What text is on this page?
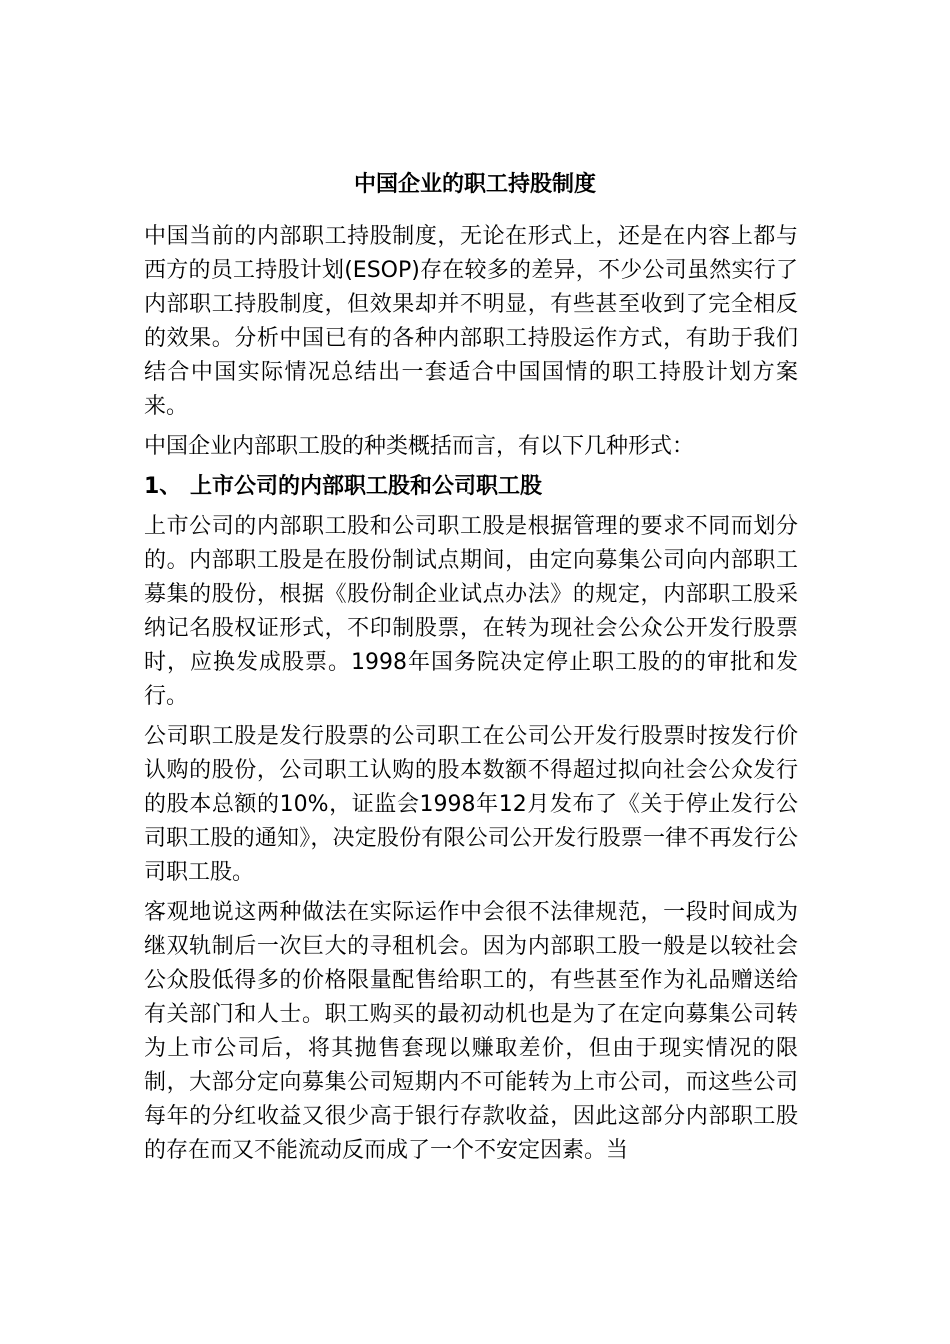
中国企业的职工持股制度

中国当前的内部职工持股制度，无论在形式上，还是在内容上都与西方的员工持股计划(ESOP)存在较多的差异，不少公司虽然实行了内部职工持股制度，但效果却并不明显，有些甚至收到了完全相反的效果。分析中国已有的各种内部职工持股运作方式，有助于我们结合中国实际情况总结出一套适合中国国情的职工持股计划方案来。

中国企业内部职工股的种类概括而言，有以下几种形式：

1、 上市公司的内部职工股和公司职工股

上市公司的内部职工股和公司职工股是根据管理的要求不同而划分的。内部职工股是在股份制试点期间，由定向募集公司向内部职工募集的股份，根据《股份制企业试点办法》的规定，内部职工股采纳记名股权证形式，不印制股票，在转为现社会公众公开发行股票时，应换发成股票。1998年国务院决定停止职工股的的审批和发行。

公司职工股是发行股票的公司职工在公司公开发行股票时按发行价认购的股份，公司职工认购的股本数额不得超过拟向社会公众发行的股本总额的10%，证监会1998年12月发布了《关于停止发行公司职工股的通知》，决定股份有限公司公开发行股票一律不再发行公司职工股。

客观地说这两种做法在实际运作中会很不法律规范，一段时间成为继双轨制后一次巨大的寻租机会。因为内部职工股一般是以较社会公众股低得多的价格限量配售给职工的，有些甚至作为礼品赠送给有关部门和人士。职工购买的最初动机也是为了在定向募集公司转为上市公司后，将其抛售套现以赚取差价，但由于现实情况的限制，大部分定向募集公司短期内不可能转为上市公司，而这些公司每年的分红收益又很少高于银行存款收益，因此这部分内部职工股的存在而又不能流动反而成了一个不安定因素。当
